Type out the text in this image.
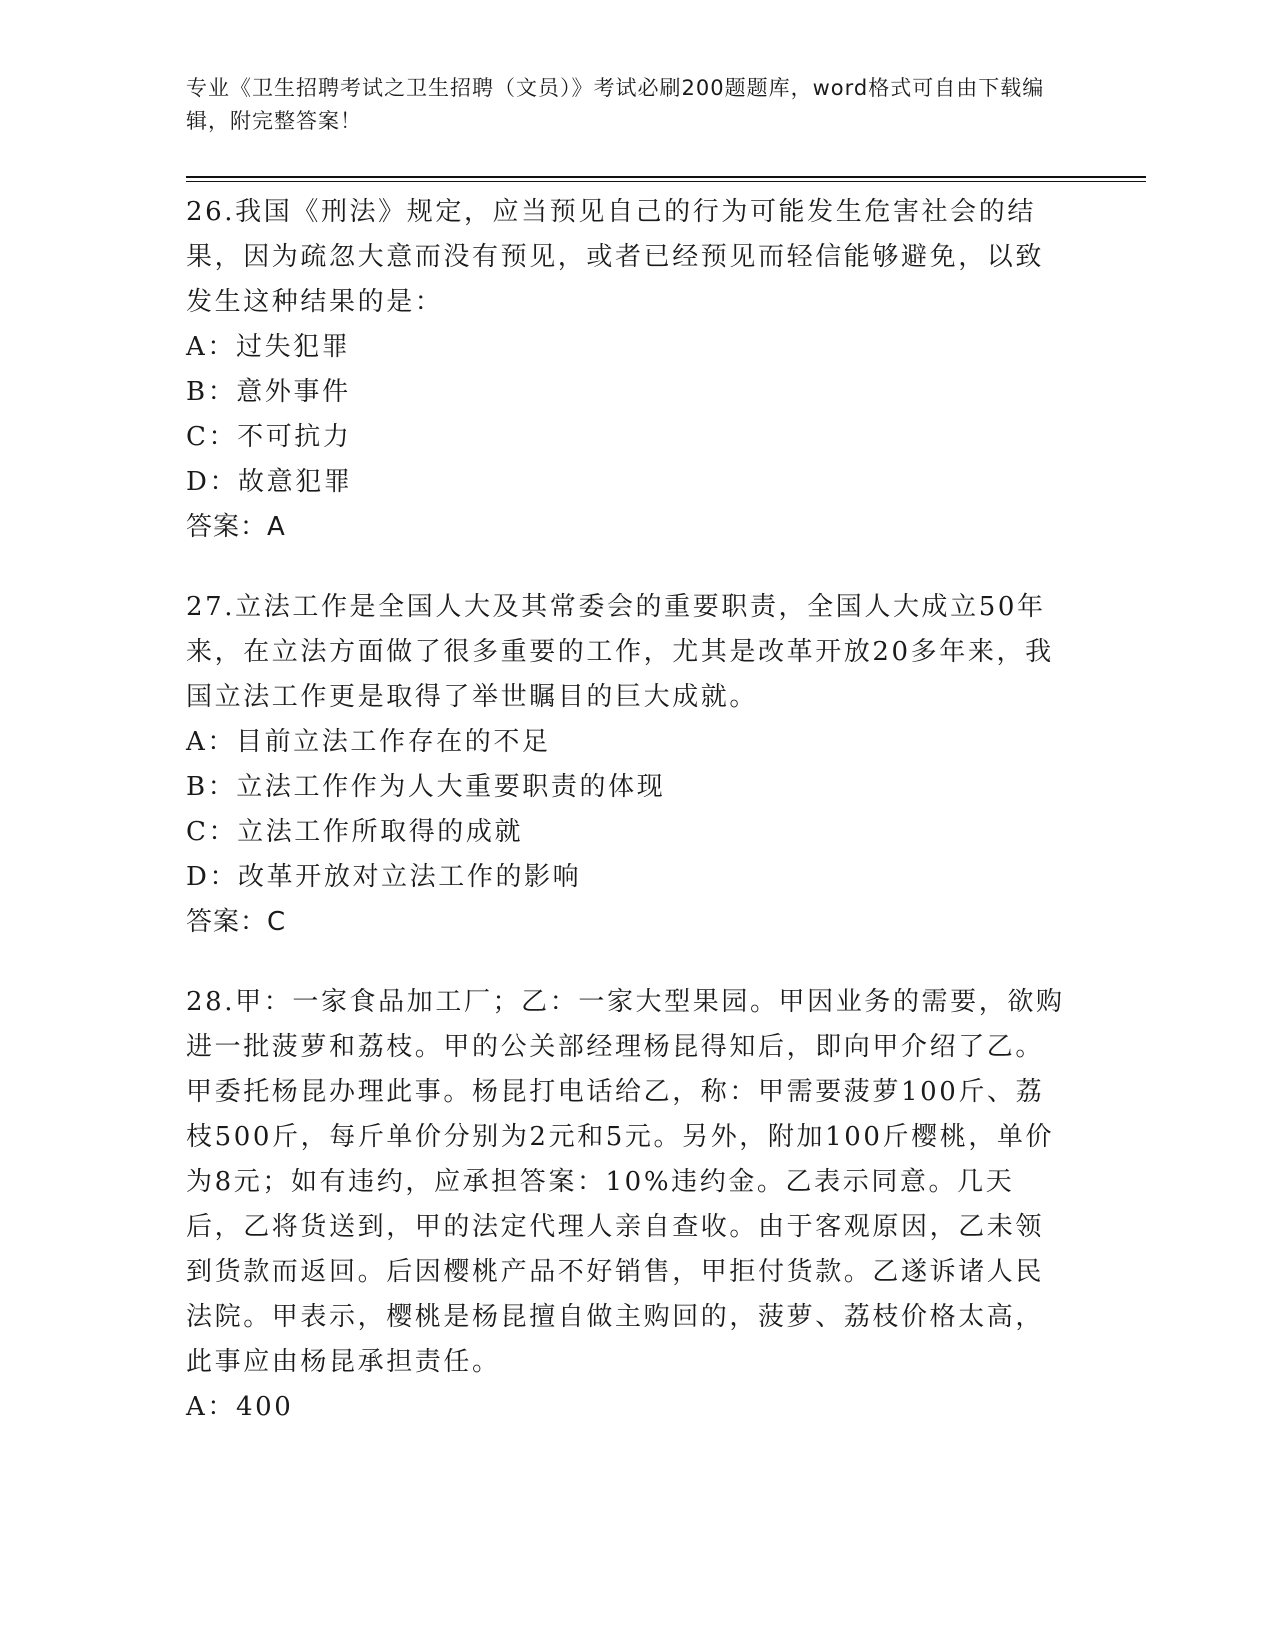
专业《卫生招聘考试之卫生招聘（文员）》考试必刷200题题库，word格式可自由下载编辑，附完整答案！

26.我国《刑法》规定，应当预见自己的行为可能发生危害社会的结果，因为疏忽大意而没有预见，或者已经预见而轻信能够避免，以致发生这种结果的是：

A：过失犯罪

B：意外事件

C：不可抗力

D：故意犯罪

答案：A

27.立法工作是全国人大及其常委会的重要职责，全国人大成立50年来，在立法方面做了很多重要的工作，尤其是改革开放20多年来，我国立法工作更是取得了举世瞩目的巨大成就。

A：目前立法工作存在的不足

B：立法工作作为人大重要职责的体现

C：立法工作所取得的成就

D：改革开放对立法工作的影响

答案：C

28.甲：一家食品加工厂；乙：一家大型果园。甲因业务的需要，欲购进一批菠萝和荔枝。甲的公关部经理杨昆得知后，即向甲介绍了乙。甲委托杨昆办理此事。杨昆打电话给乙，称：甲需要菠萝100斤、荔枝500斤，每斤单价分别为2元和5元。另外，附加100斤樱桃，单价为8元；如有违约，应承担答案：10%违约金。乙表示同意。几天后，乙将货送到，甲的法定代理人亲自查收。由于客观原因，乙未领到货款而返回。后因樱桃产品不好销售，甲拒付货款。乙遂诉诸人民法院。甲表示，樱桃是杨昆擅自做主购回的，菠萝、荔枝价格太高，此事应由杨昆承担责任。

A：400
